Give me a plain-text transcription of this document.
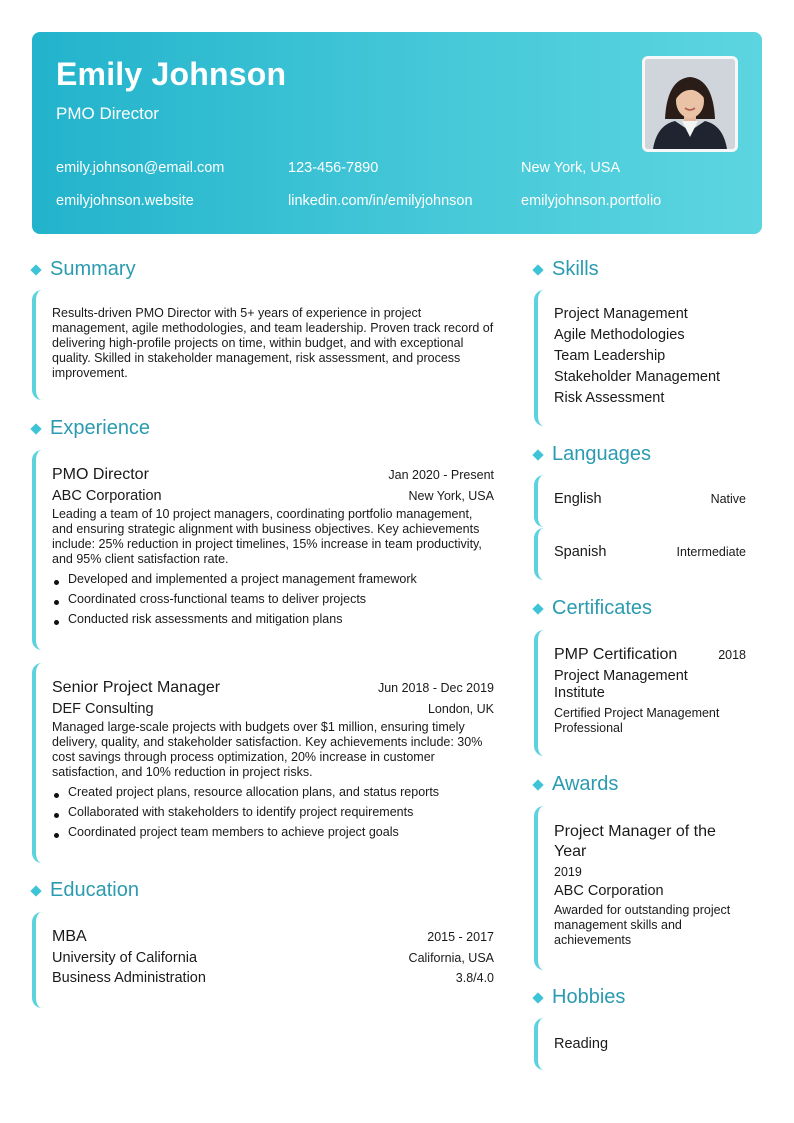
Emily Johnson
PMO Director
emily.johnson@email.com	123-456-7890	New York, USA
emilyjohnson.website	linkedin.com/in/emilyjohnson	emilyjohnson.portfolio
Summary
Results-driven PMO Director with 5+ years of experience in project management, agile methodologies, and team leadership. Proven track record of delivering high-profile projects on time, within budget, and with exceptional quality. Skilled in stakeholder management, risk assessment, and process improvement.
Experience
PMO Director	Jan 2020 - Present
ABC Corporation	New York, USA
Leading a team of 10 project managers, coordinating portfolio management, and ensuring strategic alignment with business objectives. Key achievements include: 25% reduction in project timelines, 15% increase in team productivity, and 95% client satisfaction rate.
Developed and implemented a project management framework
Coordinated cross-functional teams to deliver projects
Conducted risk assessments and mitigation plans
Senior Project Manager	Jun 2018 - Dec 2019
DEF Consulting	London, UK
Managed large-scale projects with budgets over $1 million, ensuring timely delivery, quality, and stakeholder satisfaction. Key achievements include: 30% cost savings through process optimization, 20% increase in customer satisfaction, and 10% reduction in project risks.
Created project plans, resource allocation plans, and status reports
Collaborated with stakeholders to identify project requirements
Coordinated project team members to achieve project goals
Education
MBA	2015 - 2017
University of California	California, USA
Business Administration	3.8/4.0
Skills
Project Management
Agile Methodologies
Team Leadership
Stakeholder Management
Risk Assessment
Languages
English	Native
Spanish	Intermediate
Certificates
PMP Certification	2018
Project Management Institute
Certified Project Management Professional
Awards
Project Manager of the Year
2019
ABC Corporation
Awarded for outstanding project management skills and achievements
Hobbies
Reading
